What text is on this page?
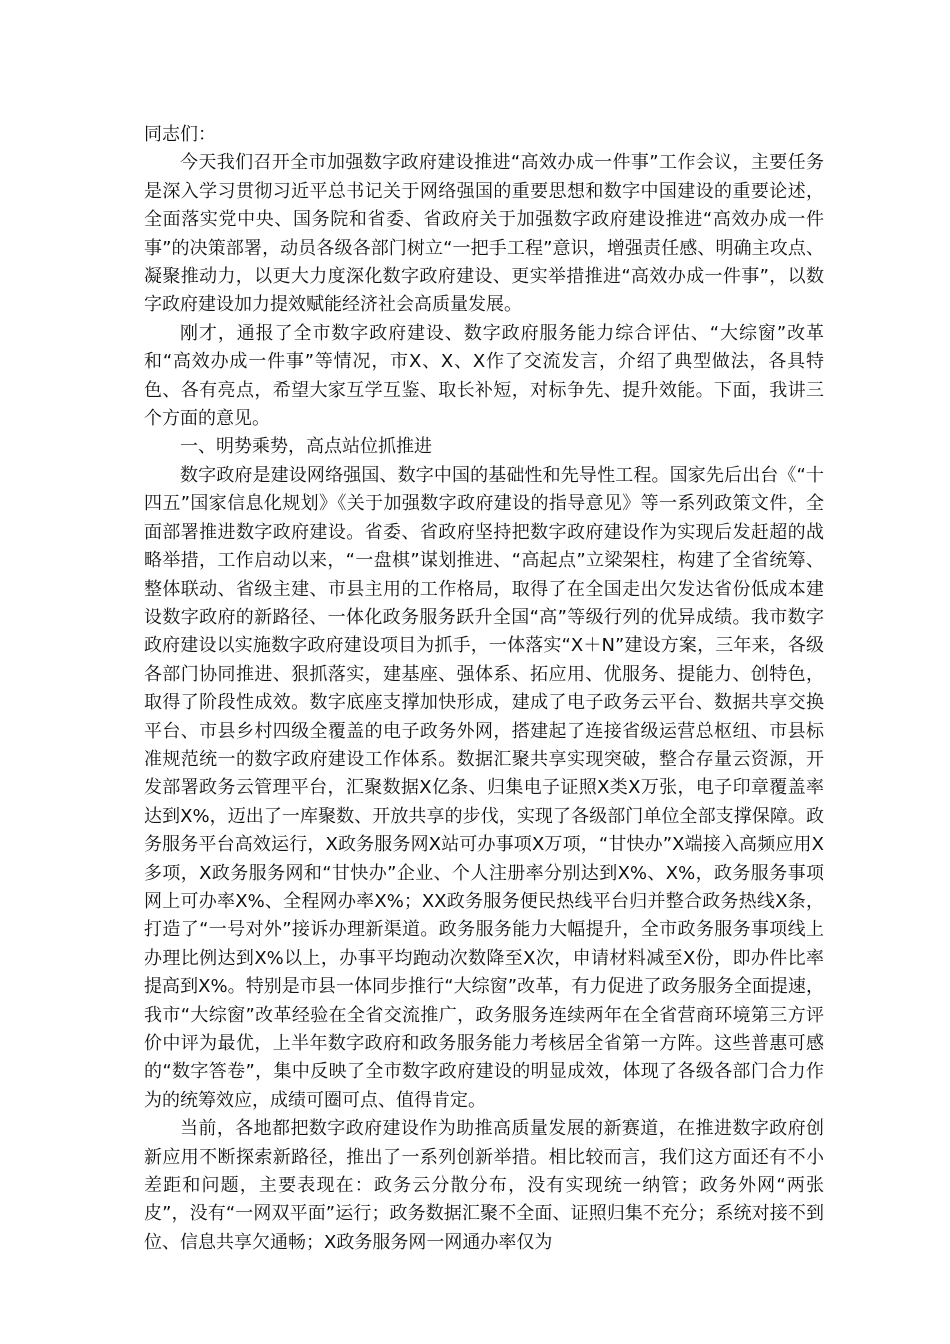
同志们：

今天我们召开全市加强数字政府建设推进“高效办成一件事”工作会议，主要任务是深入学习贯彻习近平总书记关于网络强国的重要思想和数字中国建设的重要论述，全面落实党中央、国务院和省委、省政府关于加强数字政府建设推进“高效办成一件事”的决策部署，动员各级各部门树立“一把手工程”意识，增强责任感、明确主攻点、凝聚推动力，以更大力度深化数字政府建设、更实举措推进“高效办成一件事”，以数字政府建设加力提效赋能经济社会高质量发展。

刚才，通报了全市数字政府建设、数字政府服务能力综合评估、“大综窗”改革和“高效办成一件事”等情况，市X、X、X作了交流发言，介绍了典型做法，各具特色、各有亮点，希望大家互学互鉴、取长补短，对标争先、提升效能。下面，我讲三个方面的意见。

一、明势乘势，高点站位抓推进

数字政府是建设网络强国、数字中国的基础性和先导性工程。国家先后出台《“十四五”国家信息化规划》《关于加强数字政府建设的指导意见》等一系列政策文件，全面部署推进数字政府建设。省委、省政府坚持把数字政府建设作为实现后发赶超的战略举措，工作启动以来，“一盘棋”谋划推进、“高起点”立梁架柱，构建了全省统筹、整体联动、省级主建、市县主用的工作格局，取得了在全国走出欠发达省份低成本建设数字政府的新路径、一体化政务服务跃升全国“高”等级行列的优异成绩。我市数字政府建设以实施数字政府建设项目为抓手，一体落实“X＋N”建设方案，三年来，各级各部门协同推进、狠抓落实，建基座、强体系、拓应用、优服务、提能力、创特色，取得了阶段性成效。数字底座支撑加快形成，建成了电子政务云平台、数据共享交换平台、市县乡村四级全覆盖的电子政务外网，搭建起了连接省级运营总枢纽、市县标准规范统一的数字政府建设工作体系。数据汇聚共享实现突破，整合存量云资源，开发部署政务云管理平台，汇聚数据X亿条、归集电子证照X类X万张，电子印章覆盖率达到X%，迈出了一库聚数、开放共享的步伐，实现了各级部门单位全部支撑保障。政务服务平台高效运行，X政务服务网X站可办事项X万项，“甘快办”X端接入高频应用X多项，X政务服务网和“甘快办”企业、个人注册率分别达到X%、X%，政务服务事项网上可办率X%、全程网办率X%；XX政务服务便民热线平台归并整合政务热线X条，打造了“一号对外”接诉办理新渠道。政务服务能力大幅提升，全市政务服务事项线上办理比例达到X%以上，办事平均跑动次数降至X次，申请材料减至X份，即办件比率提高到X%。特别是市县一体同步推行“大综窗”改革，有力促进了政务服务全面提速，我市“大综窗”改革经验在全省交流推广，政务服务连续两年在全省营商环境第三方评价中评为最优，上半年数字政府和政务服务能力考核居全省第一方阵。这些普惠可感的“数字答卷”，集中反映了全市数字政府建设的明显成效，体现了各级各部门合力作为的统筹效应，成绩可圈可点、值得肯定。

当前，各地都把数字政府建设作为助推高质量发展的新赛道，在推进数字政府创新应用不断探索新路径，推出了一系列创新举措。相比较而言，我们这方面还有不小差距和问题，主要表现在：政务云分散分布，没有实现统一纳管；政务外网“两张皮”，没有“一网双平面”运行；政务数据汇聚不全面、证照归集不充分；系统对接不到位、信息共享欠通畅；X政务服务网一网通办率仅为
